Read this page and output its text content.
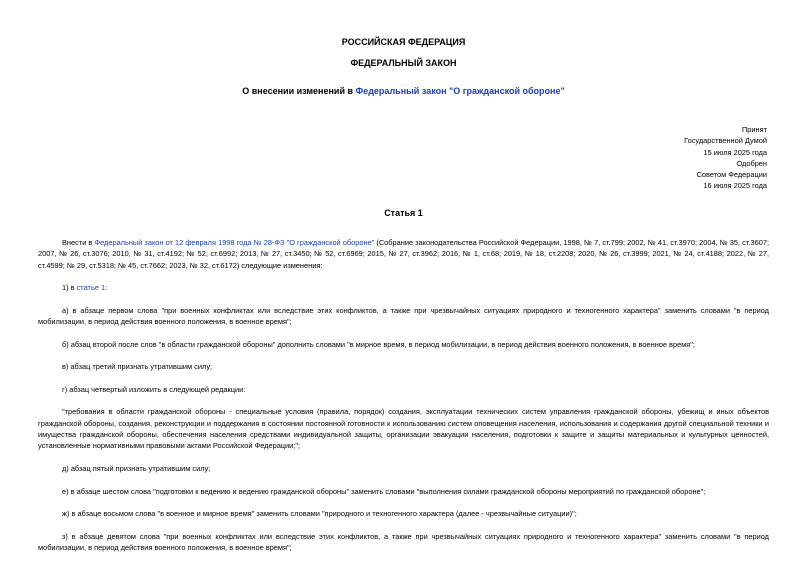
РОССИЙСКАЯ ФЕДЕРАЦИЯ
ФЕДЕРАЛЬНЫЙ ЗАКОН
О внесении изменений в Федеральный закон "О гражданской обороне"
Принят
Государственной Думой
15 июля 2025 года
Одобрен
Советом Федерации
16 июля 2025 года
Статья 1

Внести в Федеральный закон от 12 февраля 1998 года № 28-ФЗ "О гражданской обороне" (Собрание законодательства Российской Федерации, 1998, № 7, ст.799; 2002, № 41, ст.3970; 2004, № 35, ст.3607; 2007, № 26, ст.3076; 2010, № 31, ст.4192; № 52, ст.6992; 2013, № 27, ст.3450; № 52, ст.6969; 2015, № 27, ст.3962; 2016, № 1, ст.68; 2019, № 18, ст.2208; 2020, № 26, ст.3999; 2021, № 24, ст.4188; 2022, № 27, ст.4599; № 29, ст.5318; № 45, ст.7662; 2023, № 32, ст.6172) следующие изменения:

1) в статье 1:

а) в абзаце первом слова "при военных конфликтах или вследствие этих конфликтов, а также при чрезвычайных ситуациях природного и техногенного характера" заменить словами "в период мобилизации, в период действия военного положения, в военное время";

б) абзац второй после слов "в области гражданской обороны" дополнить словами "в мирное время, в период мобилизации, в период действия военного положения, в военное время";

в) абзац третий признать утратившим силу;

г) абзац четвертый изложить в следующей редакции:

"требования в области гражданской обороны - специальные условия (правила, порядок) создания, эксплуатации технических систем управления гражданской обороны, убежищ и иных объектов гражданской обороны, создания, реконструкции и поддержания в состоянии постоянной готовности к использованию систем оповещения населения, использования и содержания другой специальной техники и имущества гражданской обороны, обеспечения населения средствами индивидуальной защиты, организации эвакуации населения, подготовки к защите и защиты материальных и культурных ценностей, установленные нормативными правовыми актами Российской Федерации;";

д) абзац пятый признать утратившим силу;

е) в абзаце шестом слова "подготовки к ведению и ведению гражданской обороны" заменить словами "выполнения силами гражданской обороны мероприятий по гражданской обороне";

ж) в абзаце восьмом слова "в военное и мирное время" заменить словами "природного и техногенного характера (далее - чрезвычайные ситуации)";

з) в абзаце девятом слова "при военных конфликтах или вследствие этих конфликтов, а также при чрезвычайных ситуациях природного и техногенного характера" заменить словами "в период мобилизации, в период действия военного положения, в военное время";
